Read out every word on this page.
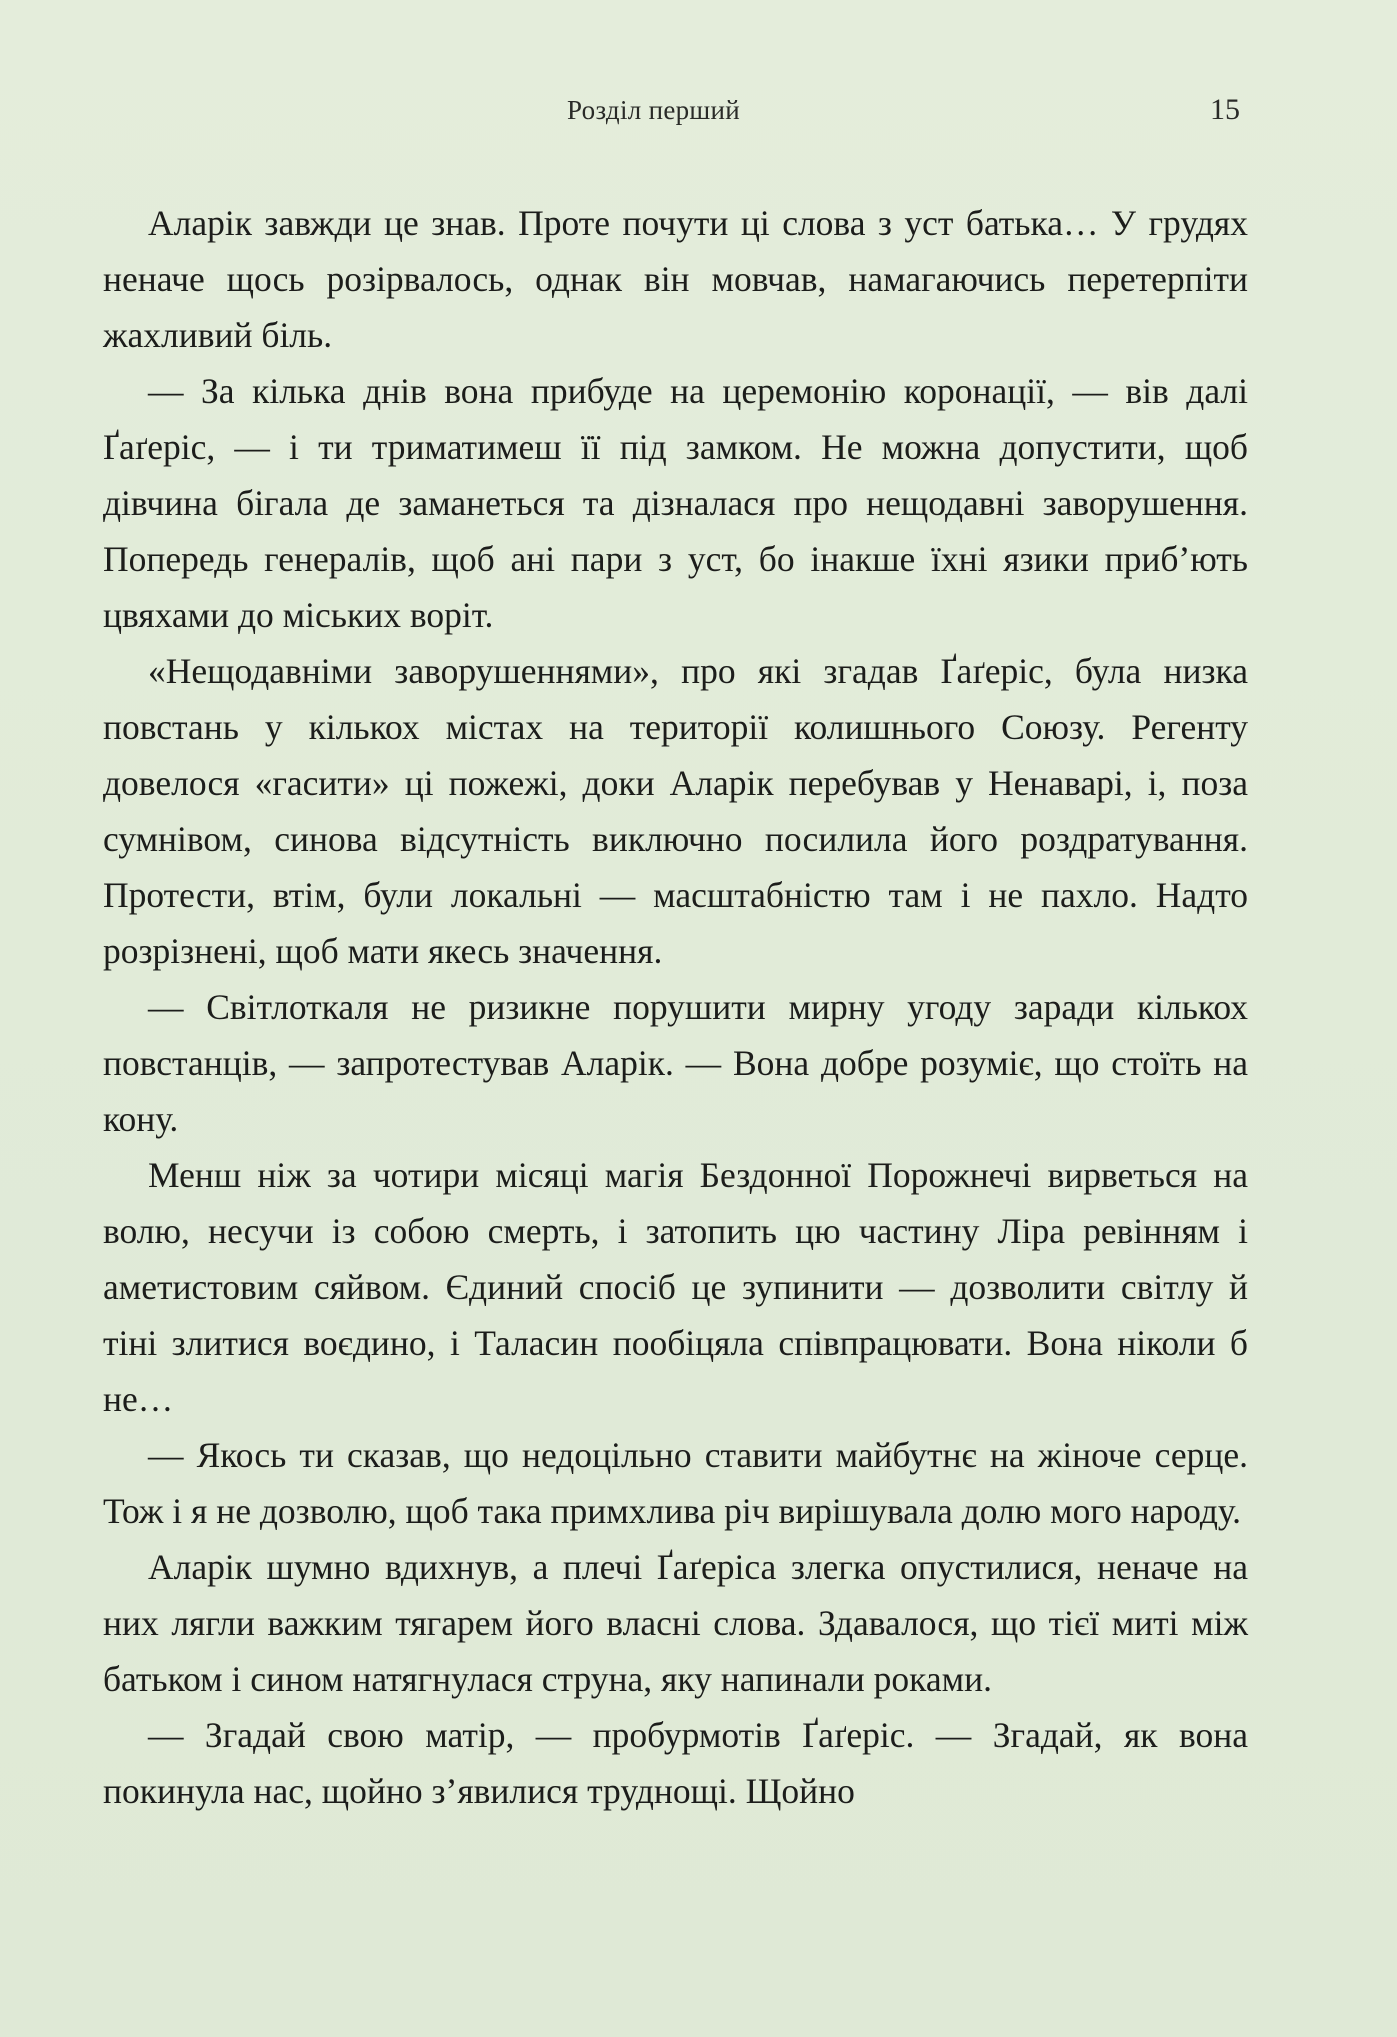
Розділ перший	15

Аларік завжди це знав. Проте почути ці слова з уст батька… У грудях неначе щось розірвалось, однак він мовчав, намагаючись перетерпіти жахливий біль.

— За кілька днів вона прибуде на церемонію коронації, — вів далі Ґаґеріс, — і ти триматимеш її під замком. Не можна допустити, щоб дівчина бігала де заманеться та дізналася про нещодавні заворушення. Попередь генералів, щоб ані пари з уст, бо інакше їхні язики приб’ють цвяхами до міських воріт.

«Нещодавніми заворушеннями», про які згадав Ґаґеріс, була низка повстань у кількох містах на території колишнього Союзу. Регенту довелося «гасити» ці пожежі, доки Аларік перебував у Ненаварі, і, поза сумнівом, синова відсутність виключно посилила його роздратування. Протести, втім, були локальні — масштабністю там і не пахло. Надто розрізнені, щоб мати якесь значення.

— Світлоткаля не ризикне порушити мирну угоду заради кількох повстанців, — запротестував Аларік. — Вона добре розуміє, що стоїть на кону.

Менш ніж за чотири місяці магія Бездонної Порожнечі вирветься на волю, несучи із собою смерть, і затопить цю частину Ліра ревінням і аметистовим сяйвом. Єдиний спосіб це зупинити — дозволити світлу й тіні злитися воєдино, і Таласин пообіцяла співпрацювати. Вона ніколи б не…

— Якось ти сказав, що недоцільно ставити майбутнє на жіноче серце. Тож і я не дозволю, щоб така примхлива річ вирішувала долю мого народу.

Аларік шумно вдихнув, а плечі Ґаґеріса злегка опустилися, неначе на них лягли важким тягарем його власні слова. Здавалося, що тієї миті між батьком і сином натягнулася струна, яку напинали роками.

— Згадай свою матір, — пробурмотів Ґаґеріс. — Згадай, як вона покинула нас, щойно з’явилися труднощі. Щойно
